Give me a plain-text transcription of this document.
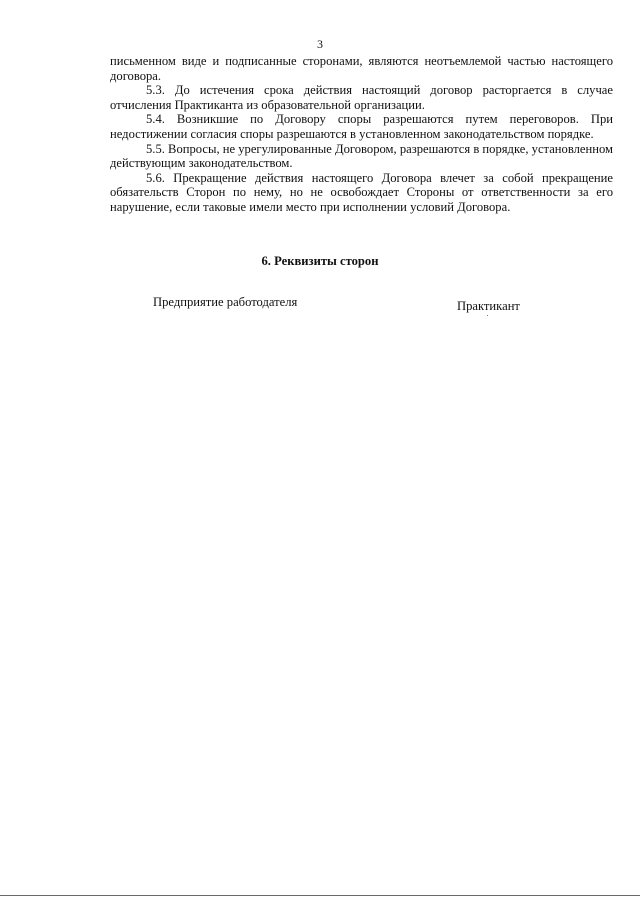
3

письменном виде и подписанные сторонами, являются неотъемлемой частью настоящего договора.

5.3. До истечения срока действия настоящий договор расторгается в случае отчисления Практиканта из образовательной организации.

5.4. Возникшие по Договору споры разрешаются путем переговоров. При недостижении согласия споры разрешаются в установленном законодательством порядке.

5.5. Вопросы, не урегулированные Договором, разрешаются в порядке, установленном действующим законодательством.

5.6. Прекращение действия настоящего Договора влечет за собой прекращение обязательств Сторон по нему, но не освобождает Стороны от ответственности за его нарушение, если таковые имели место при исполнении условий Договора.

6. Реквизиты сторон
Предприятие работодателя	Практикант
